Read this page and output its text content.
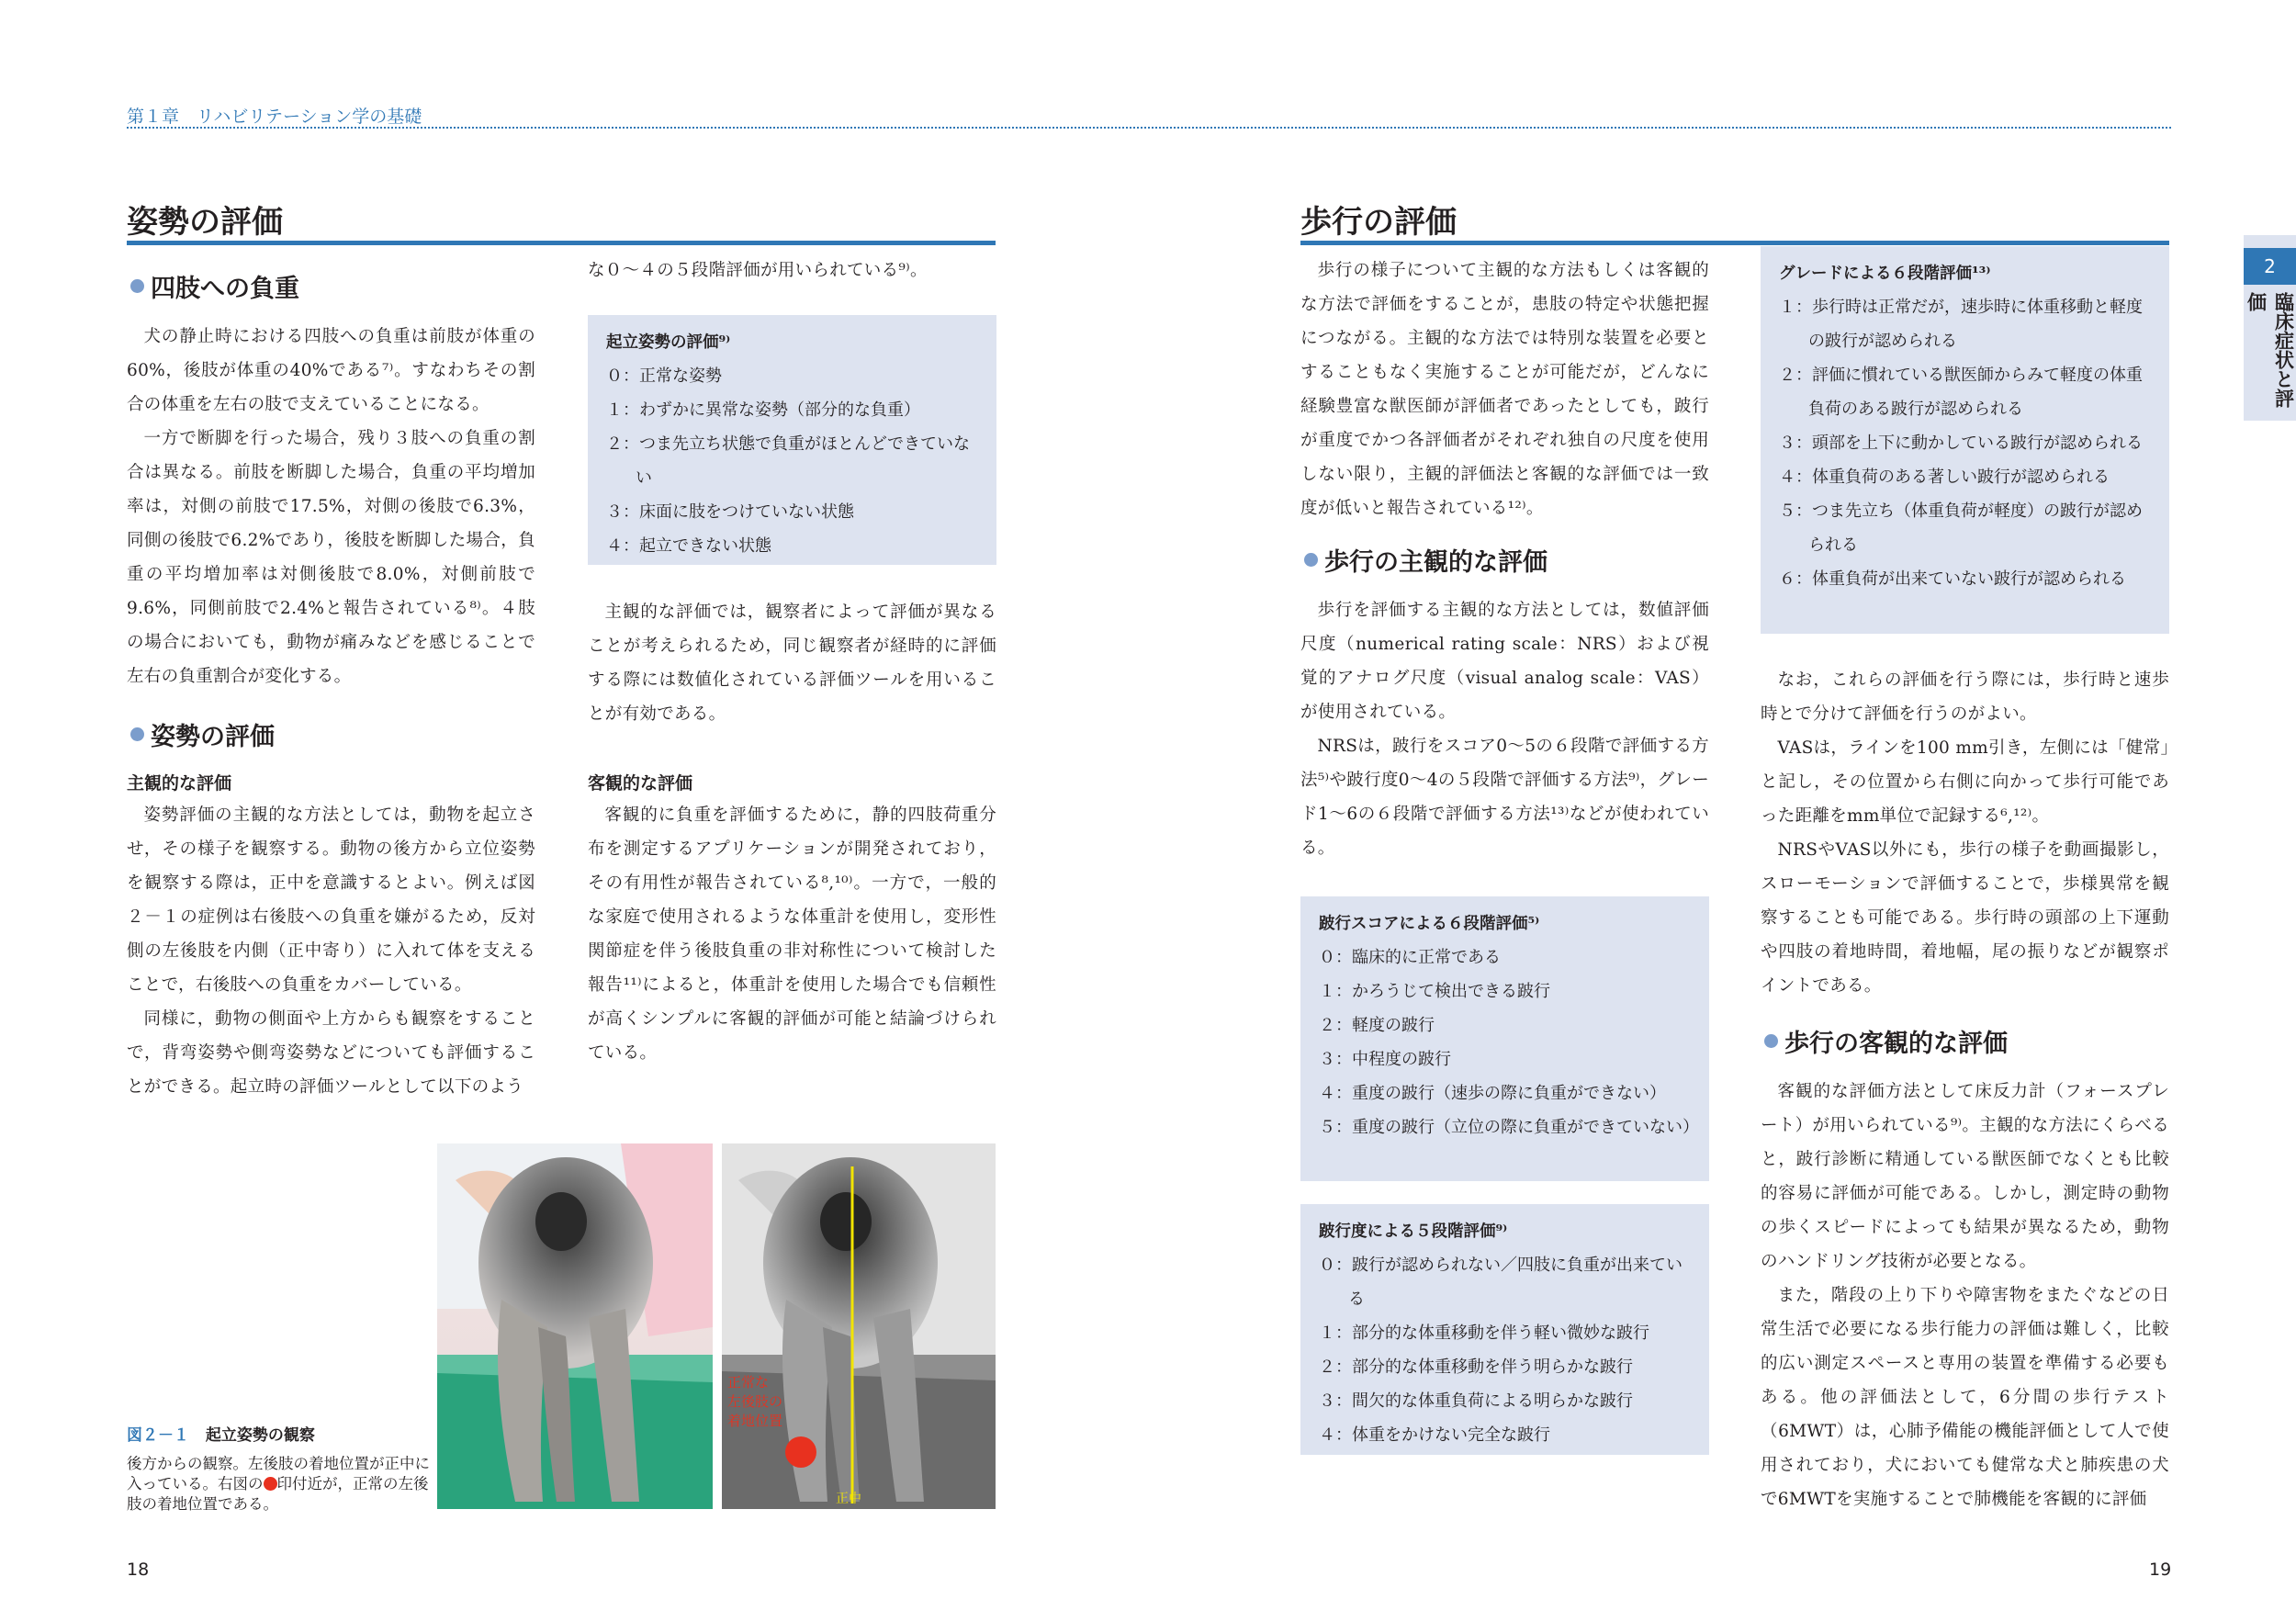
第１章　リハビリテーション学の基礎
2
臨床症状と評価
姿勢の評価
四肢への負重

犬の静止時における四肢への負重は前肢が体重の60%，後肢が体重の40%である⁷⁾。すなわちその割合の体重を左右の肢で支えていることになる。

一方で断脚を行った場合，残り３肢への負重の割合は異なる。前肢を断脚した場合，負重の平均増加率は，対側の前肢で17.5%，対側の後肢で6.3%，同側の後肢で6.2%であり，後肢を断脚した場合，負重の平均増加率は対側後肢で8.0%，対側前肢で9.6%，同側前肢で2.4%と報告されている⁸⁾。４肢の場合においても，動物が痛みなどを感じることで左右の負重割合が変化する。

姿勢の評価
主観的な評価

姿勢評価の主観的な方法としては，動物を起立させ，その様子を観察する。動物の後方から立位姿勢を観察する際は，正中を意識するとよい。例えば図２－１の症例は右後肢への負重を嫌がるため，反対側の左後肢を内側（正中寄り）に入れて体を支えることで，右後肢への負重をカバーしている。

同様に，動物の側面や上方からも観察をすることで，背弯姿勢や側弯姿勢などについても評価することができる。起立時の評価ツールとして以下のよう

な０～４の５段階評価が用いられている⁹⁾。

起立姿勢の評価⁹⁾
０：正常な姿勢
１：わずかに異常な姿勢（部分的な負重）
２：つま先立ち状態で負重がほとんどできていない
３：床面に肢をつけていない状態
４：起立できない状態

主観的な評価では，観察者によって評価が異なることが考えられるため，同じ観察者が経時的に評価する際には数値化されている評価ツールを用いることが有効である。

客観的な評価

客観的に負重を評価するために，静的四肢荷重分布を測定するアプリケーションが開発されており，その有用性が報告されている⁸,¹⁰⁾。一方で，一般的な家庭で使用されるような体重計を使用し，変形性関節症を伴う後肢負重の非対称性について検討した報告¹¹⁾によると，体重計を使用した場合でも信頼性が高くシンプルに客観的評価が可能と結論づけられている。

図２－１ 起立姿勢の観察
後方からの観察。左後肢の着地位置が正中に入っている。右図の 印付近が，正常の左後肢の着地位置である。
正常な
左後肢の
着地位置
正中
18
歩行の評価

歩行の様子について主観的な方法もしくは客観的な方法で評価をすることが，患肢の特定や状態把握につながる。主観的な方法では特別な装置を必要とすることもなく実施することが可能だが，どんなに経験豊富な獣医師が評価者であったとしても，跛行が重度でかつ各評価者がそれぞれ独自の尺度を使用しない限り，主観的評価法と客観的な評価では一致度が低いと報告されている¹²⁾。

歩行の主観的な評価

歩行を評価する主観的な方法としては，数値評価尺度（numerical rating scale：NRS）および視覚的アナログ尺度（visual analog scale：VAS）が使用されている。

NRSは，跛行をスコア0～5の６段階で評価する方法⁵⁾や跛行度0～4の５段階で評価する方法⁹⁾，グレード1～6の６段階で評価する方法¹³⁾などが使われている。

跛行スコアによる６段階評価⁵⁾
０：臨床的に正常である
１：かろうじて検出できる跛行
２：軽度の跛行
３：中程度の跛行
４：重度の跛行（速歩の際に負重ができない）
５：重度の跛行（立位の際に負重ができていない）
跛行度による５段階評価⁹⁾
０：跛行が認められない／四肢に負重が出来ている
１：部分的な体重移動を伴う軽い微妙な跛行
２：部分的な体重移動を伴う明らかな跛行
３：間欠的な体重負荷による明らかな跛行
４：体重をかけない完全な跛行
グレードによる６段階評価¹³⁾
１：歩行時は正常だが，速歩時に体重移動と軽度の跛行が認められる
２：評価に慣れている獣医師からみて軽度の体重負荷のある跛行が認められる
３：頭部を上下に動かしている跛行が認められる
４：体重負荷のある著しい跛行が認められる
５：つま先立ち（体重負荷が軽度）の跛行が認められる
６：体重負荷が出来ていない跛行が認められる

なお，これらの評価を行う際には，歩行時と速歩時とで分けて評価を行うのがよい。

VASは，ラインを100 mm引き，左側には「健常」と記し，その位置から右側に向かって歩行可能であった距離をmm単位で記録する⁶,¹²⁾。

NRSやVAS以外にも，歩行の様子を動画撮影し，スローモーションで評価することで，歩様異常を観察することも可能である。歩行時の頭部の上下運動や四肢の着地時間，着地幅，尾の振りなどが観察ポイントである。

歩行の客観的な評価

客観的な評価方法として床反力計（フォースプレート）が用いられている⁹⁾。主観的な方法にくらべると，跛行診断に精通している獣医師でなくとも比較的容易に評価が可能である。しかし，測定時の動物の歩くスピードによっても結果が異なるため，動物のハンドリング技術が必要となる。

また，階段の上り下りや障害物をまたぐなどの日常生活で必要になる歩行能力の評価は難しく，比較的広い測定スペースと専用の装置を準備する必要もある。他の評価法として，6分間の歩行テスト（6MWT）は，心肺予備能の機能評価として人で使用されており，犬においても健常な犬と肺疾患の犬で6MWTを実施することで肺機能を客観的に評価

19
